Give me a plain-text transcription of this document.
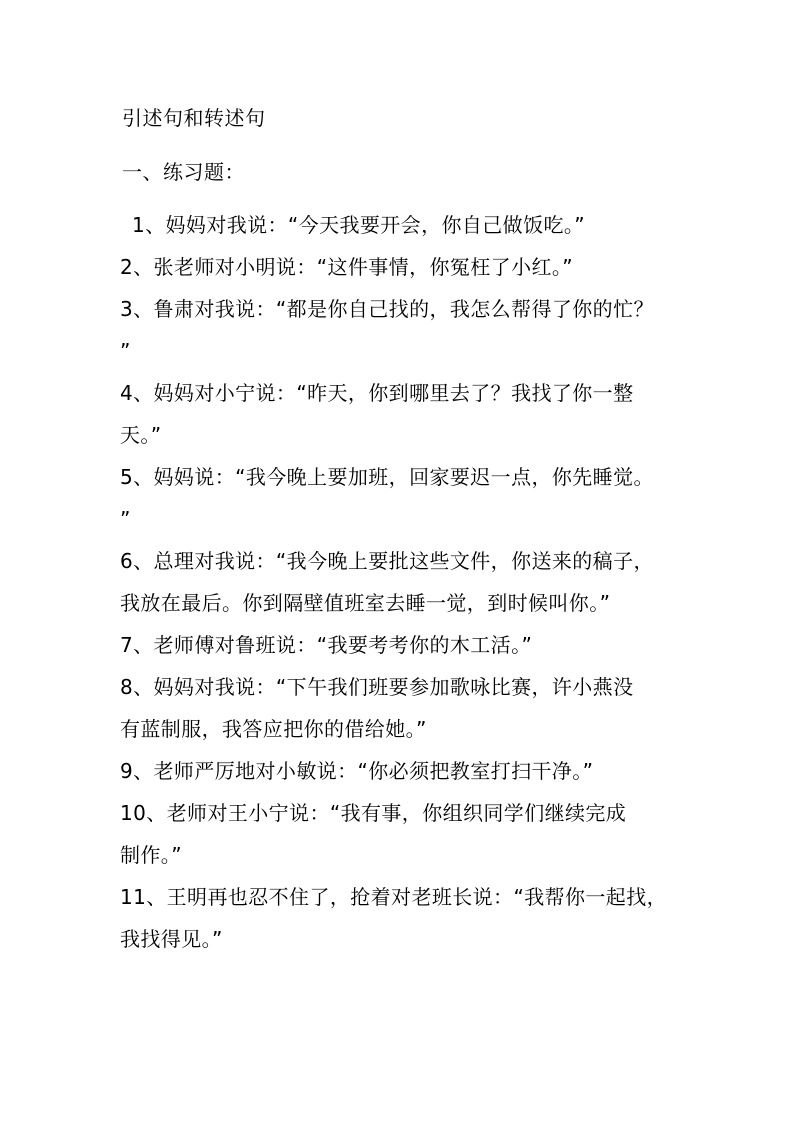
引述句和转述句
一、练习题：
1、妈妈对我说：“今天我要开会，你自己做饭吃。”
2、张老师对小明说：“这件事情，你冤枉了小红。”
3、鲁肃对我说：“都是你自己找的，我怎么帮得了你的忙？
”
4、妈妈对小宁说：“昨天，你到哪里去了？我找了你一整
天。”
5、妈妈说：“我今晚上要加班，回家要迟一点，你先睡觉。
”
6、总理对我说：“我今晚上要批这些文件，你送来的稿子，
我放在最后。你到隔壁值班室去睡一觉，到时候叫你。”
7、老师傅对鲁班说：“我要考考你的木工活。”
8、妈妈对我说：“下午我们班要参加歌咏比赛，许小燕没
有蓝制服，我答应把你的借给她。”
9、老师严厉地对小敏说：“你必须把教室打扫干净。”
10、老师对王小宁说：“我有事，你组织同学们继续完成
制作。”
11、王明再也忍不住了，抢着对老班长说：“我帮你一起找，
我找得见。”
